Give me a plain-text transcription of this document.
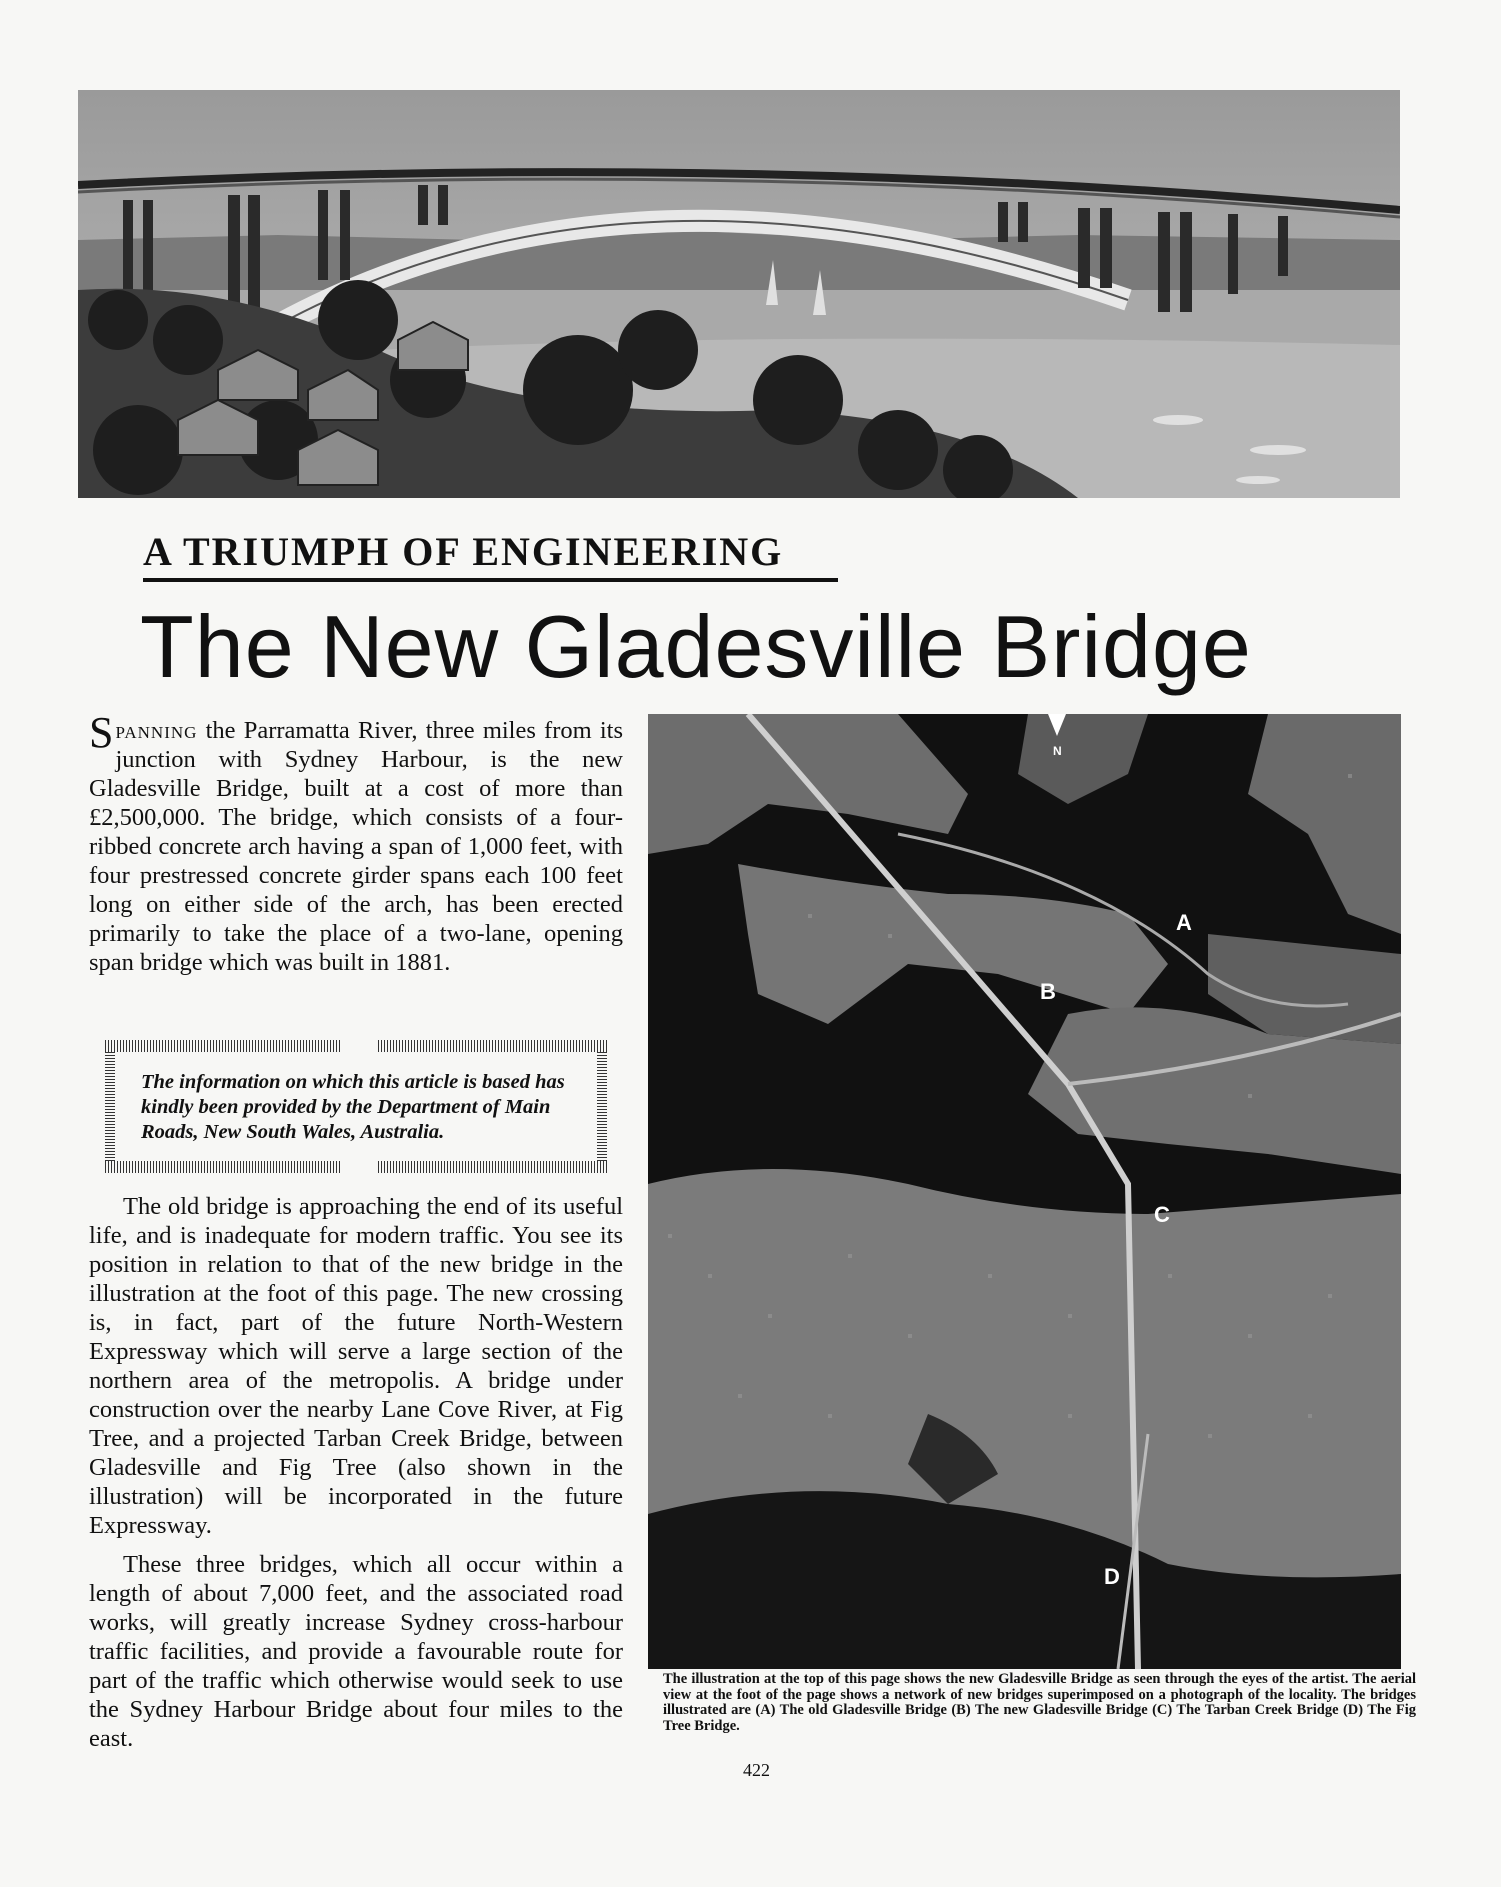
A TRIUMPH OF ENGINEERING
The New Gladesville Bridge

Spanning the Parramatta River, three miles from its junction with Sydney Harbour, is the new Gladesville Bridge, built at a cost of more than £2,500,000. The bridge, which consists of a four-ribbed concrete arch having a span of 1,000 feet, with four prestressed concrete girder spans each 100 feet long on either side of the arch, has been erected primarily to take the place of a two-lane, opening span bridge which was built in 1881.

The information on which this article is based has kindly been provided by the Department of Main Roads, New South Wales, Australia.

The old bridge is approaching the end of its useful life, and is inadequate for modern traffic. You see its position in relation to that of the new bridge in the illustration at the foot of this page. The new crossing is, in fact, part of the future North-Western Expressway which will serve a large section of the northern area of the metropolis. A bridge under construction over the nearby Lane Cove River, at Fig Tree, and a projected Tarban Creek Bridge, between Gladesville and Fig Tree (also shown in the illustration) will be incorporated in the future Expressway.

These three bridges, which all occur within a length of about 7,000 feet, and the associated road works, will greatly increase Sydney cross-harbour traffic facilities, and provide a favourable route for part of the traffic which otherwise would seek to use the Sydney Harbour Bridge about four miles to the east.

N
A
B
C
D
The illustration at the top of this page shows the new Gladesville Bridge as seen through the eyes of the artist. The aerial view at the foot of the page shows a network of new bridges superimposed on a photograph of the locality. The bridges illustrated are (A) The old Gladesville Bridge (B) The new Gladesville Bridge (C) The Tarban Creek Bridge (D) The Fig Tree Bridge.
422
